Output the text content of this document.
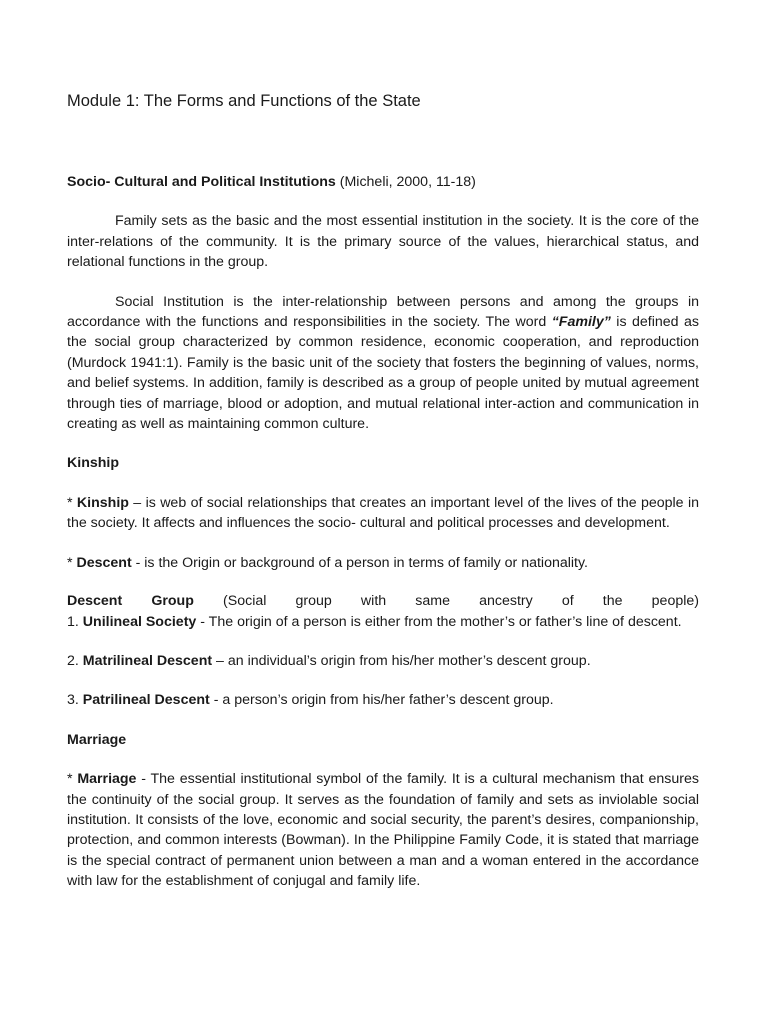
Module 1: The Forms and Functions of the State

Socio- Cultural and Political Institutions (Micheli, 2000, 11-18)

Family sets as the basic and the most essential institution in the society. It is the core of the inter-relations of the community. It is the primary source of the values, hierarchical status, and relational functions in the group.

Social Institution is the inter-relationship between persons and among the groups in accordance with the functions and responsibilities in the society. The word “Family” is defined as the social group characterized by common residence, economic cooperation, and reproduction (Murdock 1941:1). Family is the basic unit of the society that fosters the beginning of values, norms, and belief systems. In addition, family is described as a group of people united by mutual agreement through ties of marriage, blood or adoption, and mutual relational inter-action and communication in creating as well as maintaining common culture.

Kinship

* Kinship – is web of social relationships that creates an important level of the lives of the people in the society. It affects and influences the socio- cultural and political processes and development.

* Descent - is the Origin or background of a person in terms of family or nationality.

Descent Group (Social group with same ancestry of the people)

1. Unilineal Society - The origin of a person is either from the mother’s or father’s line of descent.

2. Matrilineal Descent – an individual’s origin from his/her mother’s descent group.

3. Patrilineal Descent - a person’s origin from his/her father’s descent group.

Marriage

* Marriage - The essential institutional symbol of the family. It is a cultural mechanism that ensures the continuity of the social group. It serves as the foundation of family and sets as inviolable social institution. It consists of the love, economic and social security, the parent’s desires, companionship, protection, and common interests (Bowman). In the Philippine Family Code, it is stated that marriage is the special contract of permanent union between a man and a woman entered in the accordance with law for the establishment of conjugal and family life.
